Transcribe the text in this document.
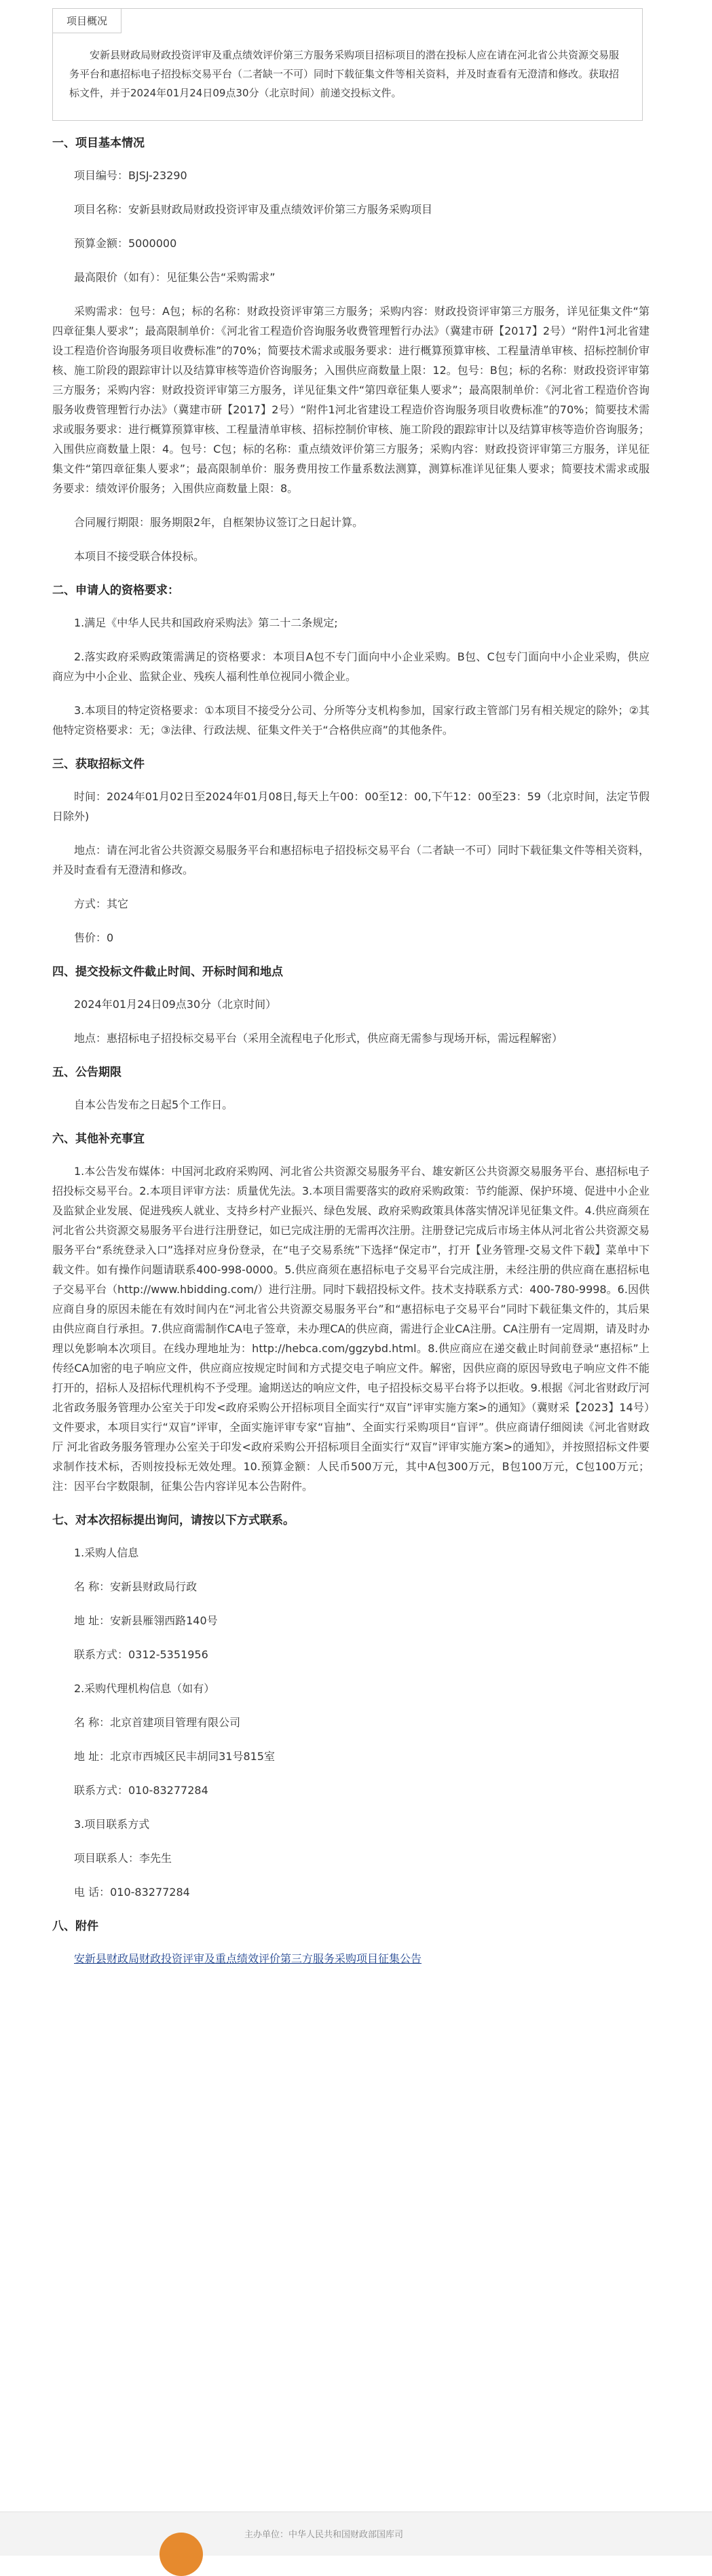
项目概况
安新县财政局财政投资评审及重点绩效评价第三方服务采购项目招标项目的潜在投标人应在请在河北省公共资源交易服务平台和惠招标电子招投标交易平台（二者缺一不可）同时下载征集文件等相关资料，并及时查看有无澄清和修改。获取招标文件，并于2024年01月24日09点30分（北京时间）前递交投标文件。
一、项目基本情况
项目编号：BJSJ-23290
项目名称：安新县财政局财政投资评审及重点绩效评价第三方服务采购项目
预算金额：5000000
最高限价（如有）：见征集公告“采购需求”
采购需求：包号：A包；标的名称：财政投资评审第三方服务；采购内容：财政投资评审第三方服务，详见征集文件“第四章征集人要求”；最高限制单价：《河北省工程造价咨询服务收费管理暂行办法》（冀建市研【2017】2号）“附件1河北省建设工程造价咨询服务项目收费标准”的70%；简要技术需求或服务要求：进行概算预算审核、工程量清单审核、招标控制价审核、施工阶段的跟踪审计以及结算审核等造价咨询服务；入围供应商数量上限：12。包号：B包；标的名称：财政投资评审第三方服务；采购内容：财政投资评审第三方服务，详见征集文件“第四章征集人要求”；最高限制单价：《河北省工程造价咨询服务收费管理暂行办法》（冀建市研【2017】2号）“附件1河北省建设工程造价咨询服务项目收费标准”的70%；简要技术需求或服务要求：进行概算预算审核、工程量清单审核、招标控制价审核、施工阶段的跟踪审计以及结算审核等造价咨询服务；入围供应商数量上限：4。包号：C包；标的名称：重点绩效评价第三方服务；采购内容：财政投资评审第三方服务，详见征集文件“第四章征集人要求”；最高限制单价：服务费用按工作量系数法测算，测算标准详见征集人要求；简要技术需求或服务要求：绩效评价服务；入围供应商数量上限：8。
合同履行期限：服务期限2年，自框架协议签订之日起计算。
本项目不接受联合体投标。
二、申请人的资格要求：
1.满足《中华人民共和国政府采购法》第二十二条规定;
2.落实政府采购政策需满足的资格要求：本项目A包不专门面向中小企业采购。B包、C包专门面向中小企业采购，供应商应为中小企业、监狱企业、残疾人福利性单位视同小微企业。
3.本项目的特定资格要求：①本项目不接受分公司、分所等分支机构参加，国家行政主管部门另有相关规定的除外；②其他特定资格要求：无；③法律、行政法规、征集文件关于“合格供应商”的其他条件。
三、获取招标文件
时间：2024年01月02日至2024年01月08日,每天上午00：00至12：00,下午12：00至23：59（北京时间，法定节假日除外)
地点：请在河北省公共资源交易服务平台和惠招标电子招投标交易平台（二者缺一不可）同时下载征集文件等相关资料，并及时查看有无澄清和修改。
方式：其它
售价：0
四、提交投标文件截止时间、开标时间和地点
2024年01月24日09点30分（北京时间）
地点：惠招标电子招投标交易平台（采用全流程电子化形式，供应商无需参与现场开标，需远程解密）
五、公告期限
自本公告发布之日起5个工作日。
六、其他补充事宜
1.本公告发布媒体：中国河北政府采购网、河北省公共资源交易服务平台、雄安新区公共资源交易服务平台、惠招标电子招投标交易平台。2.本项目评审方法：质量优先法。3.本项目需要落实的政府采购政策：节约能源、保护环境、促进中小企业及监狱企业发展、促进残疾人就业、支持乡村产业振兴、绿色发展、政府采购政策具体落实情况详见征集文件。4.供应商须在河北省公共资源交易服务平台进行注册登记，如已完成注册的无需再次注册。注册登记完成后市场主体从河北省公共资源交易服务平台“系统登录入口”选择对应身份登录，在“电子交易系统”下选择“保定市”，打开【业务管理-交易文件下载】菜单中下载文件。如有操作问题请联系400-998-0000。5.供应商须在惠招标电子交易平台完成注册，未经注册的供应商在惠招标电子交易平台（http://www.hbidding.com/）进行注册。同时下载招投标文件。技术支持联系方式：400-780-9998。6.因供应商自身的原因未能在有效时间内在“河北省公共资源交易服务平台”和“惠招标电子交易平台”同时下载征集文件的，其后果由供应商自行承担。7.供应商需制作CA电子签章，未办理CA的供应商，需进行企业CA注册。CA注册有一定周期，请及时办理以免影响本次项目。在线办理地址为：http://hebca.com/ggzybd.html。8.供应商应在递交截止时间前登录“惠招标”上传经CA加密的电子响应文件，供应商应按规定时间和方式提交电子响应文件。解密，因供应商的原因导致电子响应文件不能打开的，招标人及招标代理机构不予受理。逾期送达的响应文件，电子招投标交易平台将予以拒收。9.根据《河北省财政厅河北省政务服务管理办公室关于印发<政府采购公开招标项目全面实行“双盲”评审实施方案>的通知》（冀财采【2023】14号）文件要求，本项目实行“双盲”评审，全面实施评审专家“盲抽”、全面实行采购项目“盲评”。供应商请仔细阅读《河北省财政厅 河北省政务服务管理办公室关于印发<政府采购公开招标项目全面实行“双盲”评审实施方案>的通知》，并按照招标文件要求制作技术标，否则按投标无效处理。10.预算金额：人民币500万元，其中A包300万元，B包100万元，C包100万元；注：因平台字数限制，征集公告内容详见本公告附件。
七、对本次招标提出询问，请按以下方式联系。
1.采购人信息
名 称：安新县财政局行政
地 址：安新县雁翎西路140号
联系方式：0312-5351956
2.采购代理机构信息（如有）
名 称：北京首建项目管理有限公司
地 址：北京市西城区民丰胡同31号815室
联系方式：010-83277284
3.项目联系方式
项目联系人：李先生
电 话：010-83277284
八、附件
安新县财政局财政投资评审及重点绩效评价第三方服务采购项目征集公告
主办单位：中华人民共和国财政部国库司
